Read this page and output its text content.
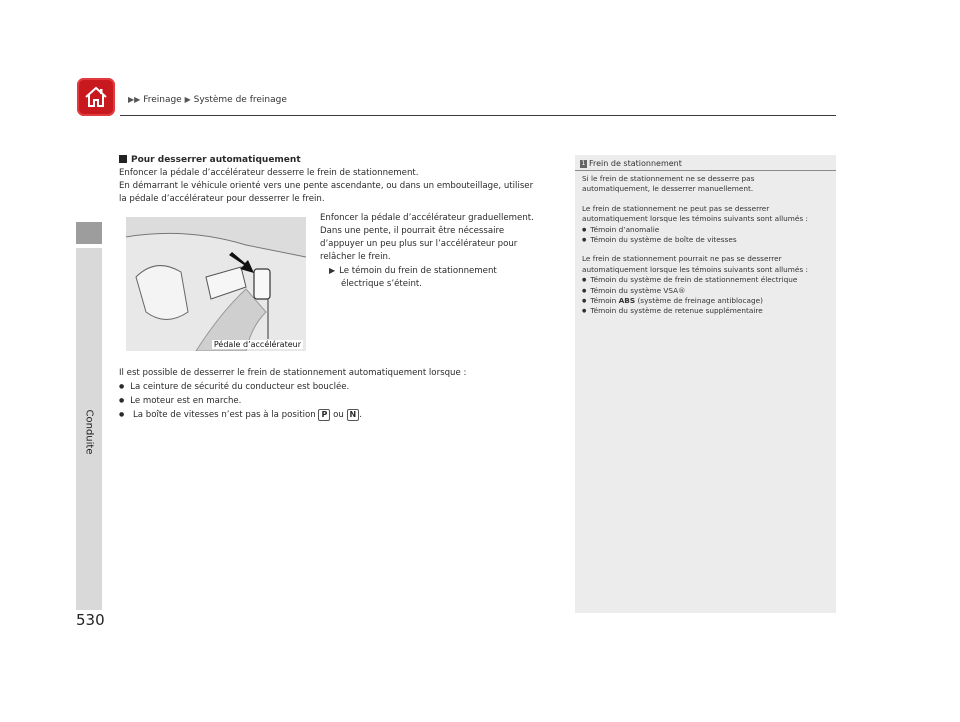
▶▶ Freinage ▶ Système de freinage
Conduite
530
Pour desserrer automatiquement

Enfoncer la pédale d’accélérateur desserre le frein de stationnement.

En démarrant le véhicule orienté vers une pente ascendante, ou dans un embouteillage, utiliser

la pédale d’accélérateur pour desserrer le frein.

Pédale d’accélérateur
Enfoncer la pédale d’accélérateur graduellement.
Dans une pente, il pourrait être nécessaire
d’appuyer un peu plus sur l’accélérateur pour
relâcher le frein.
▶ Le témoin du frein de stationnement
électrique s’éteint.
Il est possible de desserrer le frein de stationnement automatiquement lorsque :
● La ceinture de sécurité du conducteur est bouclée.
● Le moteur est en marche.
● La boîte de vitesses n’est pas à la position P ou N .
1 Frein de stationnement

Si le frein de stationnement ne se desserre pas

automatiquement, le desserrer manuellement.

Le frein de stationnement ne peut pas se desserrer

automatiquement lorsque les témoins suivants sont allumés :

● Témoin d’anomalie

● Témoin du système de boîte de vitesses

Le frein de stationnement pourrait ne pas se desserrer

automatiquement lorsque les témoins suivants sont allumés :

● Témoin du système de frein de stationnement électrique

● Témoin du système VSA®

● Témoin ABS (système de freinage antiblocage)

● Témoin du système de retenue supplémentaire
